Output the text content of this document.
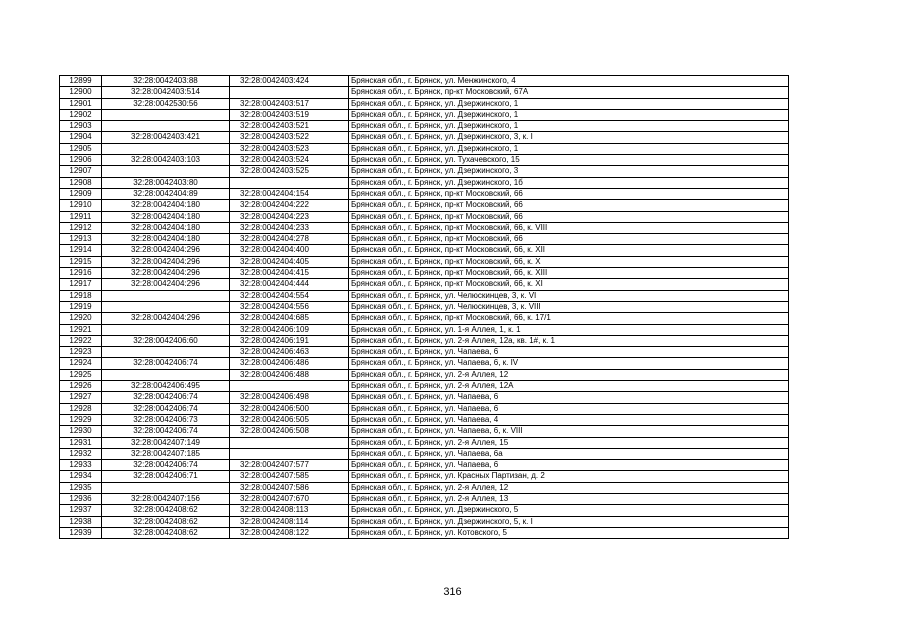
12899	32:28:0042403:88	32:28:0042403:424	Брянская обл., г. Брянск, ул. Менжинского, 4
12900	32:28:0042403:514		Брянская обл., г. Брянск, пр-кт Московский, 67А
12901	32:28:0042530:56	32:28:0042403:517	Брянская обл., г. Брянск, ул. Дзержинского, 1
12902		32:28:0042403:519	Брянская обл., г. Брянск, ул. Дзержинского, 1
12903		32:28:0042403:521	Брянская обл., г. Брянск, ул. Дзержинского, 1
12904	32:28:0042403:421	32:28:0042403:522	Брянская обл., г. Брянск, ул. Дзержинского, 3, к. I
12905		32:28:0042403:523	Брянская обл., г. Брянск, ул. Дзержинского, 1
12906	32:28:0042403:103	32:28:0042403:524	Брянская обл., г. Брянск, ул. Тухачевского, 15
12907		32:28:0042403:525	Брянская обл., г. Брянск, ул. Дзержинского, 3
12908	32:28:0042403:80		Брянская обл., г. Брянск, ул. Дзержинского, 1б
12909	32:28:0042404:89	32:28:0042404:154	Брянская обл., г. Брянск, пр-кт Московский, 66
12910	32:28:0042404:180	32:28:0042404:222	Брянская обл., г. Брянск, пр-кт Московский, 66
12911	32:28:0042404:180	32:28:0042404:223	Брянская обл., г. Брянск, пр-кт Московский, 66
12912	32:28:0042404:180	32:28:0042404:233	Брянская обл., г. Брянск, пр-кт Московский, 66, к. VIII
12913	32:28:0042404:180	32:28:0042404:278	Брянская обл., г. Брянск, пр-кт Московский, 66
12914	32:28:0042404:296	32:28:0042404:400	Брянская обл., г. Брянск, пр-кт Московский, 66, к. XII
12915	32:28:0042404:296	32:28:0042404:405	Брянская обл., г. Брянск, пр-кт Московский, 66, к. X
12916	32:28:0042404:296	32:28:0042404:415	Брянская обл., г. Брянск, пр-кт Московский, 66, к. XIII
12917	32:28:0042404:296	32:28:0042404:444	Брянская обл., г. Брянск, пр-кт Московский, 66, к. XI
12918		32:28:0042404:554	Брянская обл., г. Брянск, ул. Челюскинцев, 3, к. VI
12919		32:28:0042404:556	Брянская обл., г. Брянск, ул. Челюскинцев, 3, к. VIII
12920	32:28:0042404:296	32:28:0042404:685	Брянская обл., г. Брянск, пр-кт Московский, 66, к. 17/1
12921		32:28:0042406:109	Брянская обл., г. Брянск, ул. 1-я Аллея, 1, к. 1
12922	32:28:0042406:60	32:28:0042406:191	Брянская обл., г. Брянск, ул. 2-я Аллея, 12а, кв. 1#, к. 1
12923		32:28:0042406:463	Брянская обл., г. Брянск, ул. Чапаева, 6
12924	32:28:0042406:74	32:28:0042406:486	Брянская обл., г. Брянск, ул. Чапаева, 6, к. IV
12925		32:28:0042406:488	Брянская обл., г. Брянск, ул. 2-я Аллея, 12
12926	32:28:0042406:495		Брянская обл., г. Брянск, ул. 2-я Аллея, 12А
12927	32:28:0042406:74	32:28:0042406:498	Брянская обл., г. Брянск, ул. Чапаева, 6
12928	32:28:0042406:74	32:28:0042406:500	Брянская обл., г. Брянск, ул. Чапаева, 6
12929	32:28:0042406:73	32:28:0042406:505	Брянская обл., г. Брянск, ул. Чапаева, 4
12930	32:28:0042406:74	32:28:0042406:508	Брянская обл., г. Брянск, ул. Чапаева, 6, к. VIII
12931	32:28:0042407:149		Брянская обл., г. Брянск, ул. 2-я Аллея, 15
12932	32:28:0042407:185		Брянская обл., г. Брянск, ул. Чапаева, 6а
12933	32:28:0042406:74	32:28:0042407:577	Брянская обл., г. Брянск, ул. Чапаева, 6
12934	32:28:0042406:71	32:28:0042407:585	Брянская обл., г. Брянск, ул. Красных Партизан, д. 2
12935		32:28:0042407:586	Брянская обл., г. Брянск, ул. 2-я Аллея, 12
12936	32:28:0042407:156	32:28:0042407:670	Брянская обл., г. Брянск, ул. 2-я Аллея, 13
12937	32:28:0042408:62	32:28:0042408:113	Брянская обл., г. Брянск, ул. Дзержинского, 5
12938	32:28:0042408:62	32:28:0042408:114	Брянская обл., г. Брянск, ул. Дзержинского, 5, к. I
12939	32:28:0042408:62	32:28:0042408:122	Брянская обл., г. Брянск, ул. Котовского, 5
316
